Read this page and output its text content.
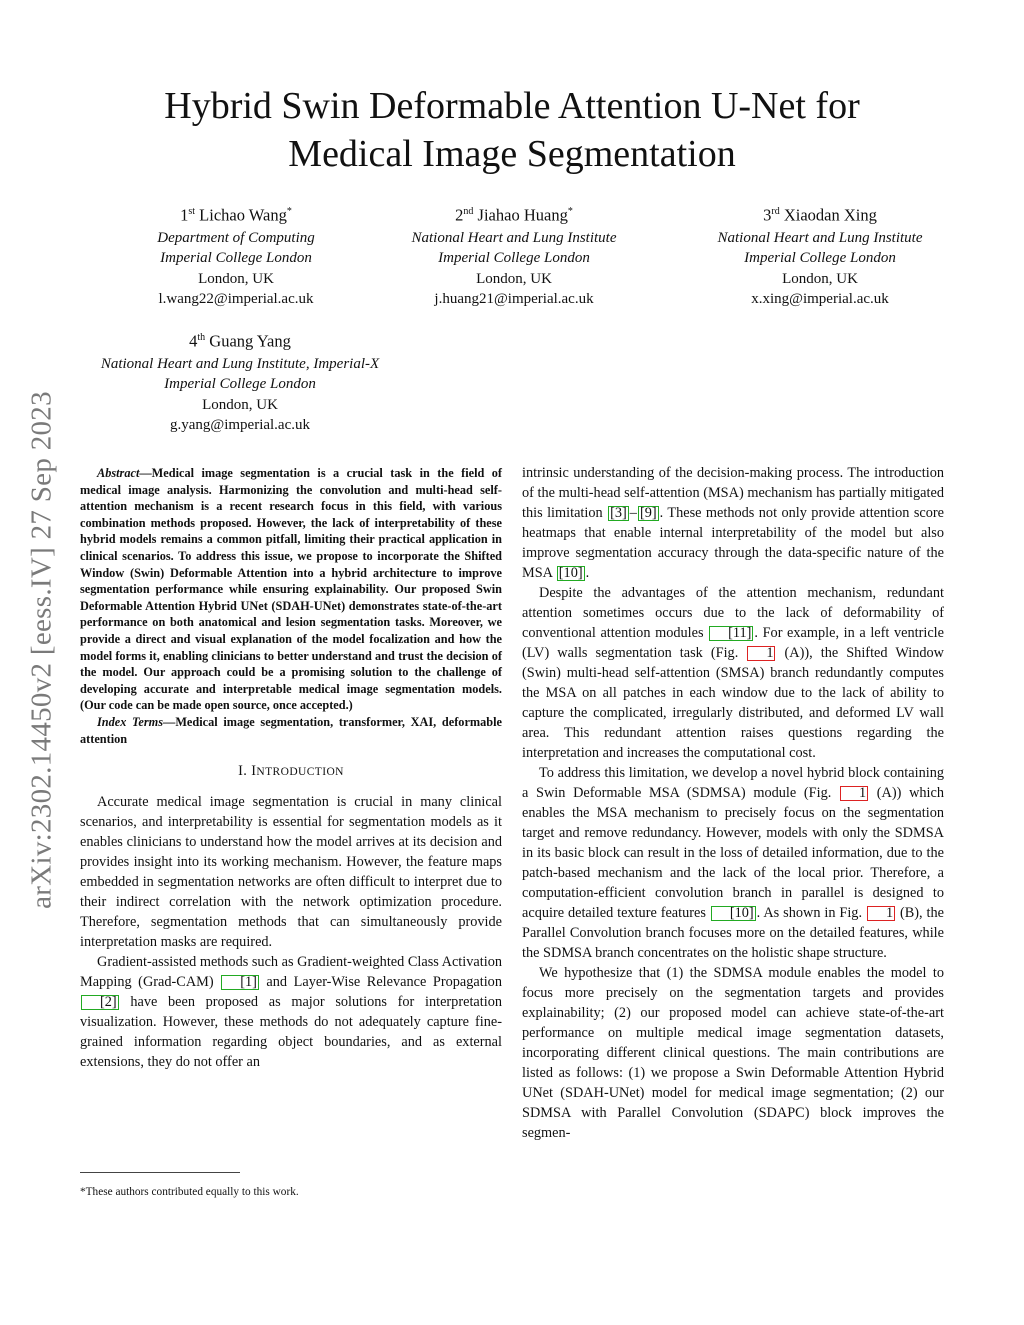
arXiv:2302.14450v2 [eess.IV] 27 Sep 2023
Hybrid Swin Deformable Attention U-Net for
Medical Image Segmentation
1st Lichao Wang*
Department of Computing
Imperial College London
London, UK
l.wang22@imperial.ac.uk
2nd Jiahao Huang*
National Heart and Lung Institute
Imperial College London
London, UK
j.huang21@imperial.ac.uk
3rd Xiaodan Xing
National Heart and Lung Institute
Imperial College London
London, UK
x.xing@imperial.ac.uk
4th Guang Yang
National Heart and Lung Institute, Imperial-X
Imperial College London
London, UK
g.yang@imperial.ac.uk

Abstract—Medical image segmentation is a crucial task in the field of medical image analysis. Harmonizing the convolution and multi-head self-attention mechanism is a recent research focus in this field, with various combination methods proposed. However, the lack of interpretability of these hybrid models remains a common pitfall, limiting their practical application in clinical scenarios. To address this issue, we propose to incorporate the Shifted Window (Swin) Deformable Attention into a hybrid architecture to improve segmentation performance while ensuring explainability. Our proposed Swin Deformable Attention Hybrid UNet (SDAH-UNet) demonstrates state-of-the-art performance on both anatomical and lesion segmentation tasks. Moreover, we provide a direct and visual explanation of the model focalization and how the model forms it, enabling clinicians to better understand and trust the decision of the model. Our approach could be a promising solution to the challenge of developing accurate and interpretable medical image segmentation models. (Our code can be made open source, once accepted.)

Index Terms—Medical image segmentation, transformer, XAI, deformable attention

I. INTRODUCTION

Accurate medical image segmentation is crucial in many clinical scenarios, and interpretability is essential for segmentation models as it enables clinicians to understand how the model arrives at its decision and provides insight into its working mechanism. However, the feature maps embedded in segmentation networks are often difficult to interpret due to their indirect correlation with the network optimization procedure. Therefore, segmentation methods that can simultaneously provide interpretation masks are required.

Gradient-assisted methods such as Gradient-weighted Class Activation Mapping (Grad-CAM) [1] and Layer-Wise Relevance Propagation [2] have been proposed as major solutions for interpretation visualization. However, these methods do not adequately capture fine-grained information regarding object boundaries, and as external extensions, they do not offer an

*These authors contributed equally to this work.

intrinsic understanding of the decision-making process. The introduction of the multi-head self-attention (MSA) mechanism has partially mitigated this limitation [3] – [9] . These methods not only provide attention score heatmaps that enable internal interpretability of the model but also improve segmentation accuracy through the data-specific nature of the MSA [10] .

Despite the advantages of the attention mechanism, redundant attention sometimes occurs due to the lack of deformability of conventional attention modules [11] . For example, in a left ventricle (LV) walls segmentation task (Fig. 1 (A)), the Shifted Window (Swin) multi-head self-attention (SMSA) branch redundantly computes the MSA on all patches in each window due to the lack of ability to capture the complicated, irregularly distributed, and deformed LV wall area. This redundant attention raises questions regarding the interpretation and increases the computational cost.

To address this limitation, we develop a novel hybrid block containing a Swin Deformable MSA (SDMSA) module (Fig. 1 (A)) which enables the MSA mechanism to precisely focus on the segmentation target and remove redundancy. However, models with only the SDMSA in its basic block can result in the loss of detailed information, due to the patch-based mechanism and the lack of the local prior. Therefore, a computation-efficient convolution branch in parallel is designed to acquire detailed texture features [10] . As shown in Fig. 1 (B), the Parallel Convolution branch focuses more on the detailed features, while the SDMSA branch concentrates on the holistic shape structure.

We hypothesize that (1) the SDMSA module enables the model to focus more precisely on the segmentation targets and provides explainability; (2) our proposed model can achieve state-of-the-art performance on multiple medical image segmentation datasets, incorporating different clinical questions. The main contributions are listed as follows: (1) we propose a Swin Deformable Attention Hybrid UNet (SDAH-UNet) model for medical image segmentation; (2) our SDMSA with Parallel Convolution (SDAPC) block improves the segmen-
